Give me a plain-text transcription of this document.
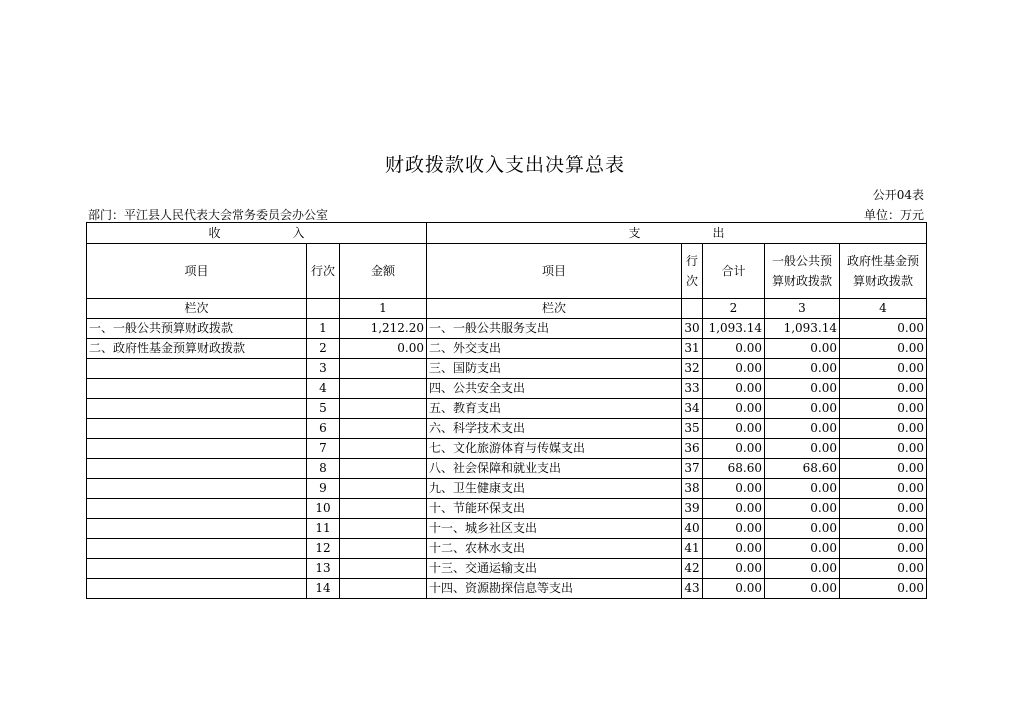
财政拨款收入支出决算总表
公开04表
部门：平江县人民代表大会常务委员会办公室	单位：万元
收　入			支　出				
项目	行次	金额	项目	行次	合计	一般公共预算财政拨款	政府性基金预算财政拨款
栏次		1	栏次		2	3	4
一、一般公共预算财政拨款	1	1,212.20	一、一般公共服务支出	30	1,093.14	1,093.14	0.00
二、政府性基金预算财政拨款	2	0.00	二、外交支出	31	0.00	0.00	0.00
	3		三、国防支出	32	0.00	0.00	0.00
	4		四、公共安全支出	33	0.00	0.00	0.00
	5		五、教育支出	34	0.00	0.00	0.00
	6		六、科学技术支出	35	0.00	0.00	0.00
	7		七、文化旅游体育与传媒支出	36	0.00	0.00	0.00
	8		八、社会保障和就业支出	37	68.60	68.60	0.00
	9		九、卫生健康支出	38	0.00	0.00	0.00
	10		十、节能环保支出	39	0.00	0.00	0.00
	11		十一、城乡社区支出	40	0.00	0.00	0.00
	12		十二、农林水支出	41	0.00	0.00	0.00
	13		十三、交通运输支出	42	0.00	0.00	0.00
	14		十四、资源勘探信息等支出	43	0.00	0.00	0.00
